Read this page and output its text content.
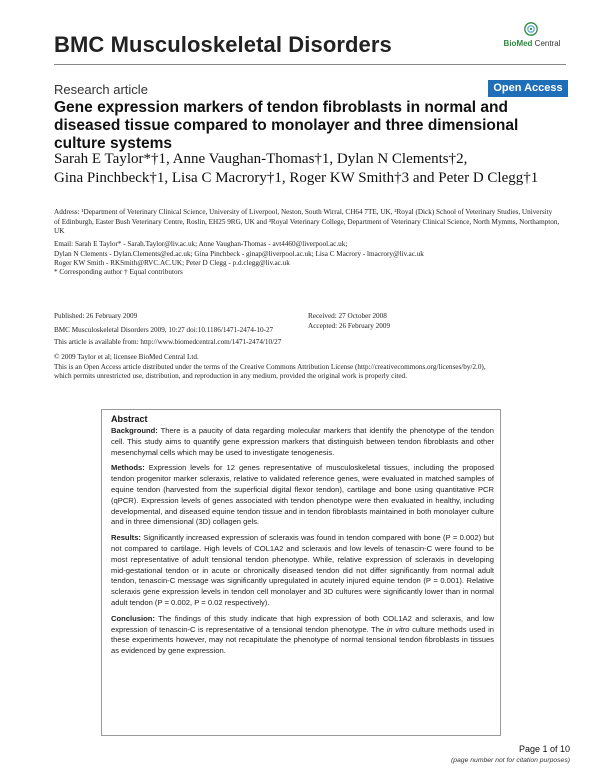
BMC Musculoskeletal Disorders	BioMed Central
Research article	Open Access
Gene expression markers of tendon fibroblasts in normal and diseased tissue compared to monolayer and three dimensional culture systems
Sarah E Taylor*†1, Anne Vaughan-Thomas†1, Dylan N Clements†2,
Gina Pinchbeck†1, Lisa C Macrory†1, Roger KW Smith†3 and Peter D Clegg†1
Address: ¹Department of Veterinary Clinical Science, University of Liverpool, Neston, South Wirral, CH64 7TE, UK, ²Royal (Dick) School of Veterinary Studies, University of Edinburgh, Easter Bush Veterinary Centre, Roslin, EH25 9RG, UK and ³Royal Veterinary College, Department of Veterinary Clinical Science, North Mymms, Northampton, UK
Email: Sarah E Taylor* - Sarah.Taylor@liv.ac.uk; Anne Vaughan-Thomas - avt4460@liverpool.ac.uk;
Dylan N Clements - Dylan.Clements@ed.ac.uk; Gina Pinchbeck - ginap@liverpool.ac.uk; Lisa C Macrory - lmacrory@liv.ac.uk
Roger KW Smith - RKSmith@RVC.AC.UK; Peter D Clegg - p.d.clegg@liv.ac.uk
* Corresponding author † Equal contributors
Published: 26 February 2009
BMC Musculoskeletal Disorders 2009, 10:27 doi:10.1186/1471-2474-10-27
Received: 27 October 2008
Accepted: 26 February 2009
This article is available from: http://www.biomedcentral.com/1471-2474/10/27
© 2009 Taylor et al; licensee BioMed Central Ltd.
This is an Open Access article distributed under the terms of the Creative Commons Attribution License (http://creativecommons.org/licenses/by/2.0),
which permits unrestricted use, distribution, and reproduction in any medium, provided the original work is properly cited.
Abstract

Background: There is a paucity of data regarding molecular markers that identify the phenotype of the tendon cell. This study aims to quantify gene expression markers that distinguish between tendon fibroblasts and other mesenchymal cells which may be used to investigate tenogenesis.

Methods: Expression levels for 12 genes representative of musculoskeletal tissues, including the proposed tendon progenitor marker scleraxis, relative to validated reference genes, were evaluated in matched samples of equine tendon (harvested from the superficial digital flexor tendon), cartilage and bone using quantitative PCR (qPCR). Expression levels of genes associated with tendon phenotype were then evaluated in healthy, including developmental, and diseased equine tendon tissue and in tendon fibroblasts maintained in both monolayer culture and in three dimensional (3D) collagen gels.

Results: Significantly increased expression of scleraxis was found in tendon compared with bone (P = 0.002) but not compared to cartilage. High levels of COL1A2 and scleraxis and low levels of tenascin-C were found to be most representative of adult tensional tendon phenotype. While, relative expression of scleraxis in developing mid-gestational tendon or in acute or chronically diseased tendon did not differ significantly from normal adult tendon, tenascin-C message was significantly upregulated in acutely injured equine tendon (P = 0.001). Relative scleraxis gene expression levels in tendon cell monolayer and 3D cultures were significantly lower than in normal adult tendon (P = 0.002, P = 0.02 respectively).

Conclusion: The findings of this study indicate that high expression of both COL1A2 and scleraxis, and low expression of tenascin-C is representative of a tensional tendon phenotype. The in vitro culture methods used in these experiments however, may not recapitulate the phenotype of normal tensional tendon fibroblasts in tissues as evidenced by gene expression.

Page 1 of 10
(page number not for citation purposes)
